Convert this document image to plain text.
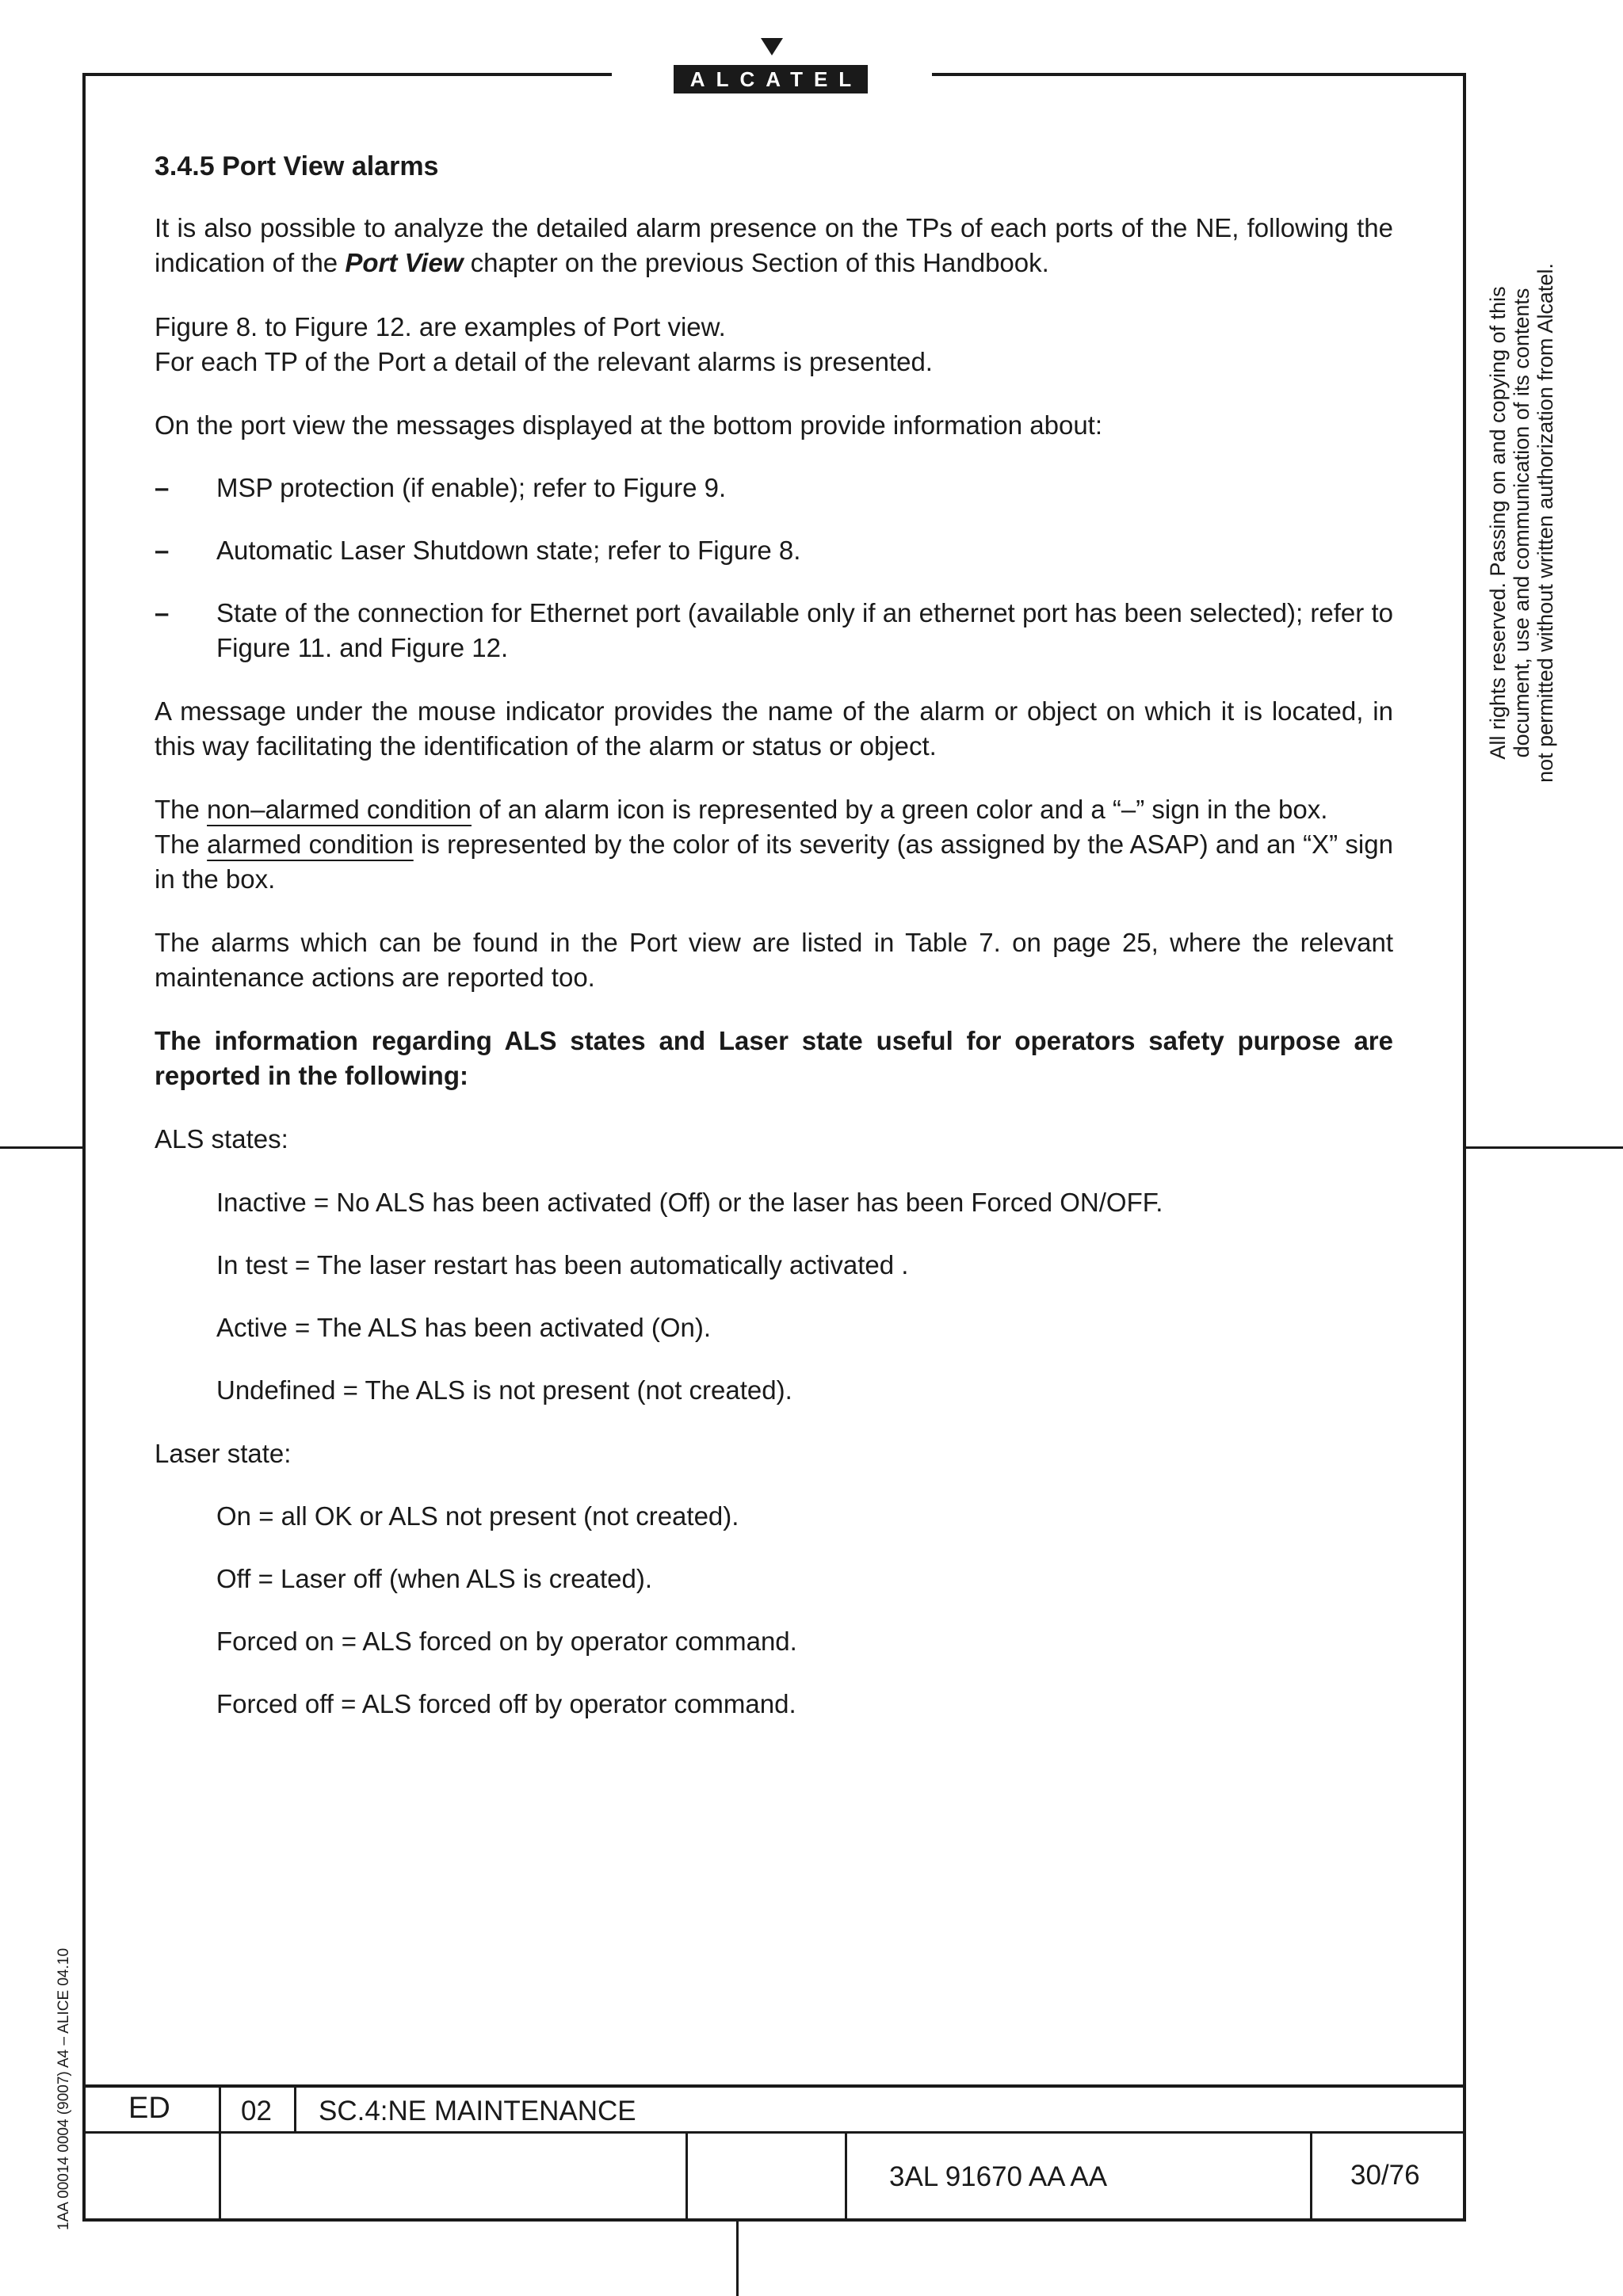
ALCATEL
All rights reserved. Passing on and copying of this document, use and communication of its contents not permitted without written authorization from Alcatel.
1AA 00014 0004 (9007) A4 – ALICE 04.10

3.4.5 Port View alarms

It is also possible to analyze the detailed alarm presence on the TPs of each ports of the NE, following the indication of the Port View chapter on the previous Section of this Handbook.

Figure 8. to Figure 12. are examples of Port view.

For each TP of the Port a detail of the relevant alarms is presented.

On the port view the messages displayed at the bottom provide information about:

– MSP protection (if enable); refer to Figure 9.

– Automatic Laser Shutdown state; refer to Figure 8.

– State of the connection for Ethernet port (available only if an ethernet port has been selected); refer to Figure 11. and Figure 12.

A message under the mouse indicator provides the name of the alarm or object on which it is located, in this way facilitating the identification of the alarm or status or object.

The non–alarmed condition of an alarm icon is represented by a green color and a “–” sign in the box.
The alarmed condition is represented by the color of its severity (as assigned by the ASAP) and an “X” sign in the box.

The alarms which can be found in the Port view are listed in Table 7. on page 25, where the relevant maintenance actions are reported too.

The information regarding ALS states and Laser state useful for operators safety purpose are reported in the following:

ALS states:

Inactive = No ALS has been activated (Off) or the laser has been Forced ON/OFF.

In test = The laser restart has been automatically activated .

Active = The ALS has been activated (On).

Undefined = The ALS is not present (not created).

Laser state:

On = all OK or ALS not present (not created).

Off = Laser off (when ALS is created).

Forced on = ALS forced on by operator command.

Forced off = ALS forced off by operator command.

ED	02 SC.4:NE MAINTENANCE
3AL 91670 AA AA	30/76
